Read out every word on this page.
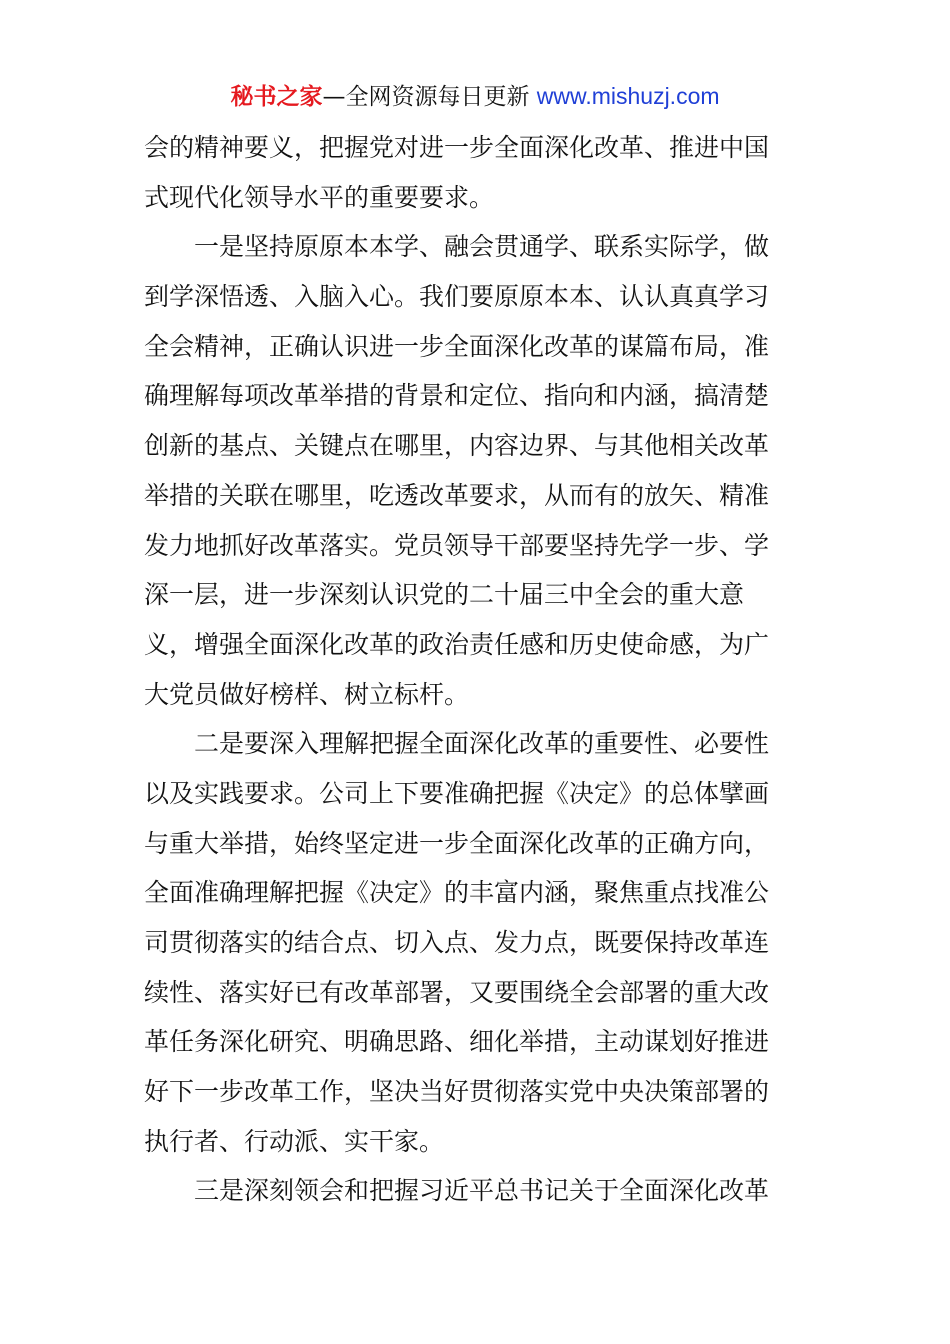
秘书之家—全网资源每日更新 www.mishuzj.com
会的精神要义，把握党对进一步全面深化改革、推进中国
式现代化领导水平的重要要求。
一是坚持原原本本学、融会贯通学、联系实际学，做
到学深悟透、入脑入心。我们要原原本本、认认真真学习
全会精神，正确认识进一步全面深化改革的谋篇布局，准
确理解每项改革举措的背景和定位、指向和内涵，搞清楚
创新的基点、关键点在哪里，内容边界、与其他相关改革
举措的关联在哪里，吃透改革要求，从而有的放矢、精准
发力地抓好改革落实。党员领导干部要坚持先学一步、学
深一层，进一步深刻认识党的二十届三中全会的重大意
义，增强全面深化改革的政治责任感和历史使命感，为广
大党员做好榜样、树立标杆。
二是要深入理解把握全面深化改革的重要性、必要性
以及实践要求。公司上下要准确把握《决定》的总体擘画
与重大举措，始终坚定进一步全面深化改革的正确方向，
全面准确理解把握《决定》的丰富内涵，聚焦重点找准公
司贯彻落实的结合点、切入点、发力点，既要保持改革连
续性、落实好已有改革部署，又要围绕全会部署的重大改
革任务深化研究、明确思路、细化举措，主动谋划好推进
好下一步改革工作，坚决当好贯彻落实党中央决策部署的
执行者、行动派、实干家。
三是深刻领会和把握习近平总书记关于全面深化改革
